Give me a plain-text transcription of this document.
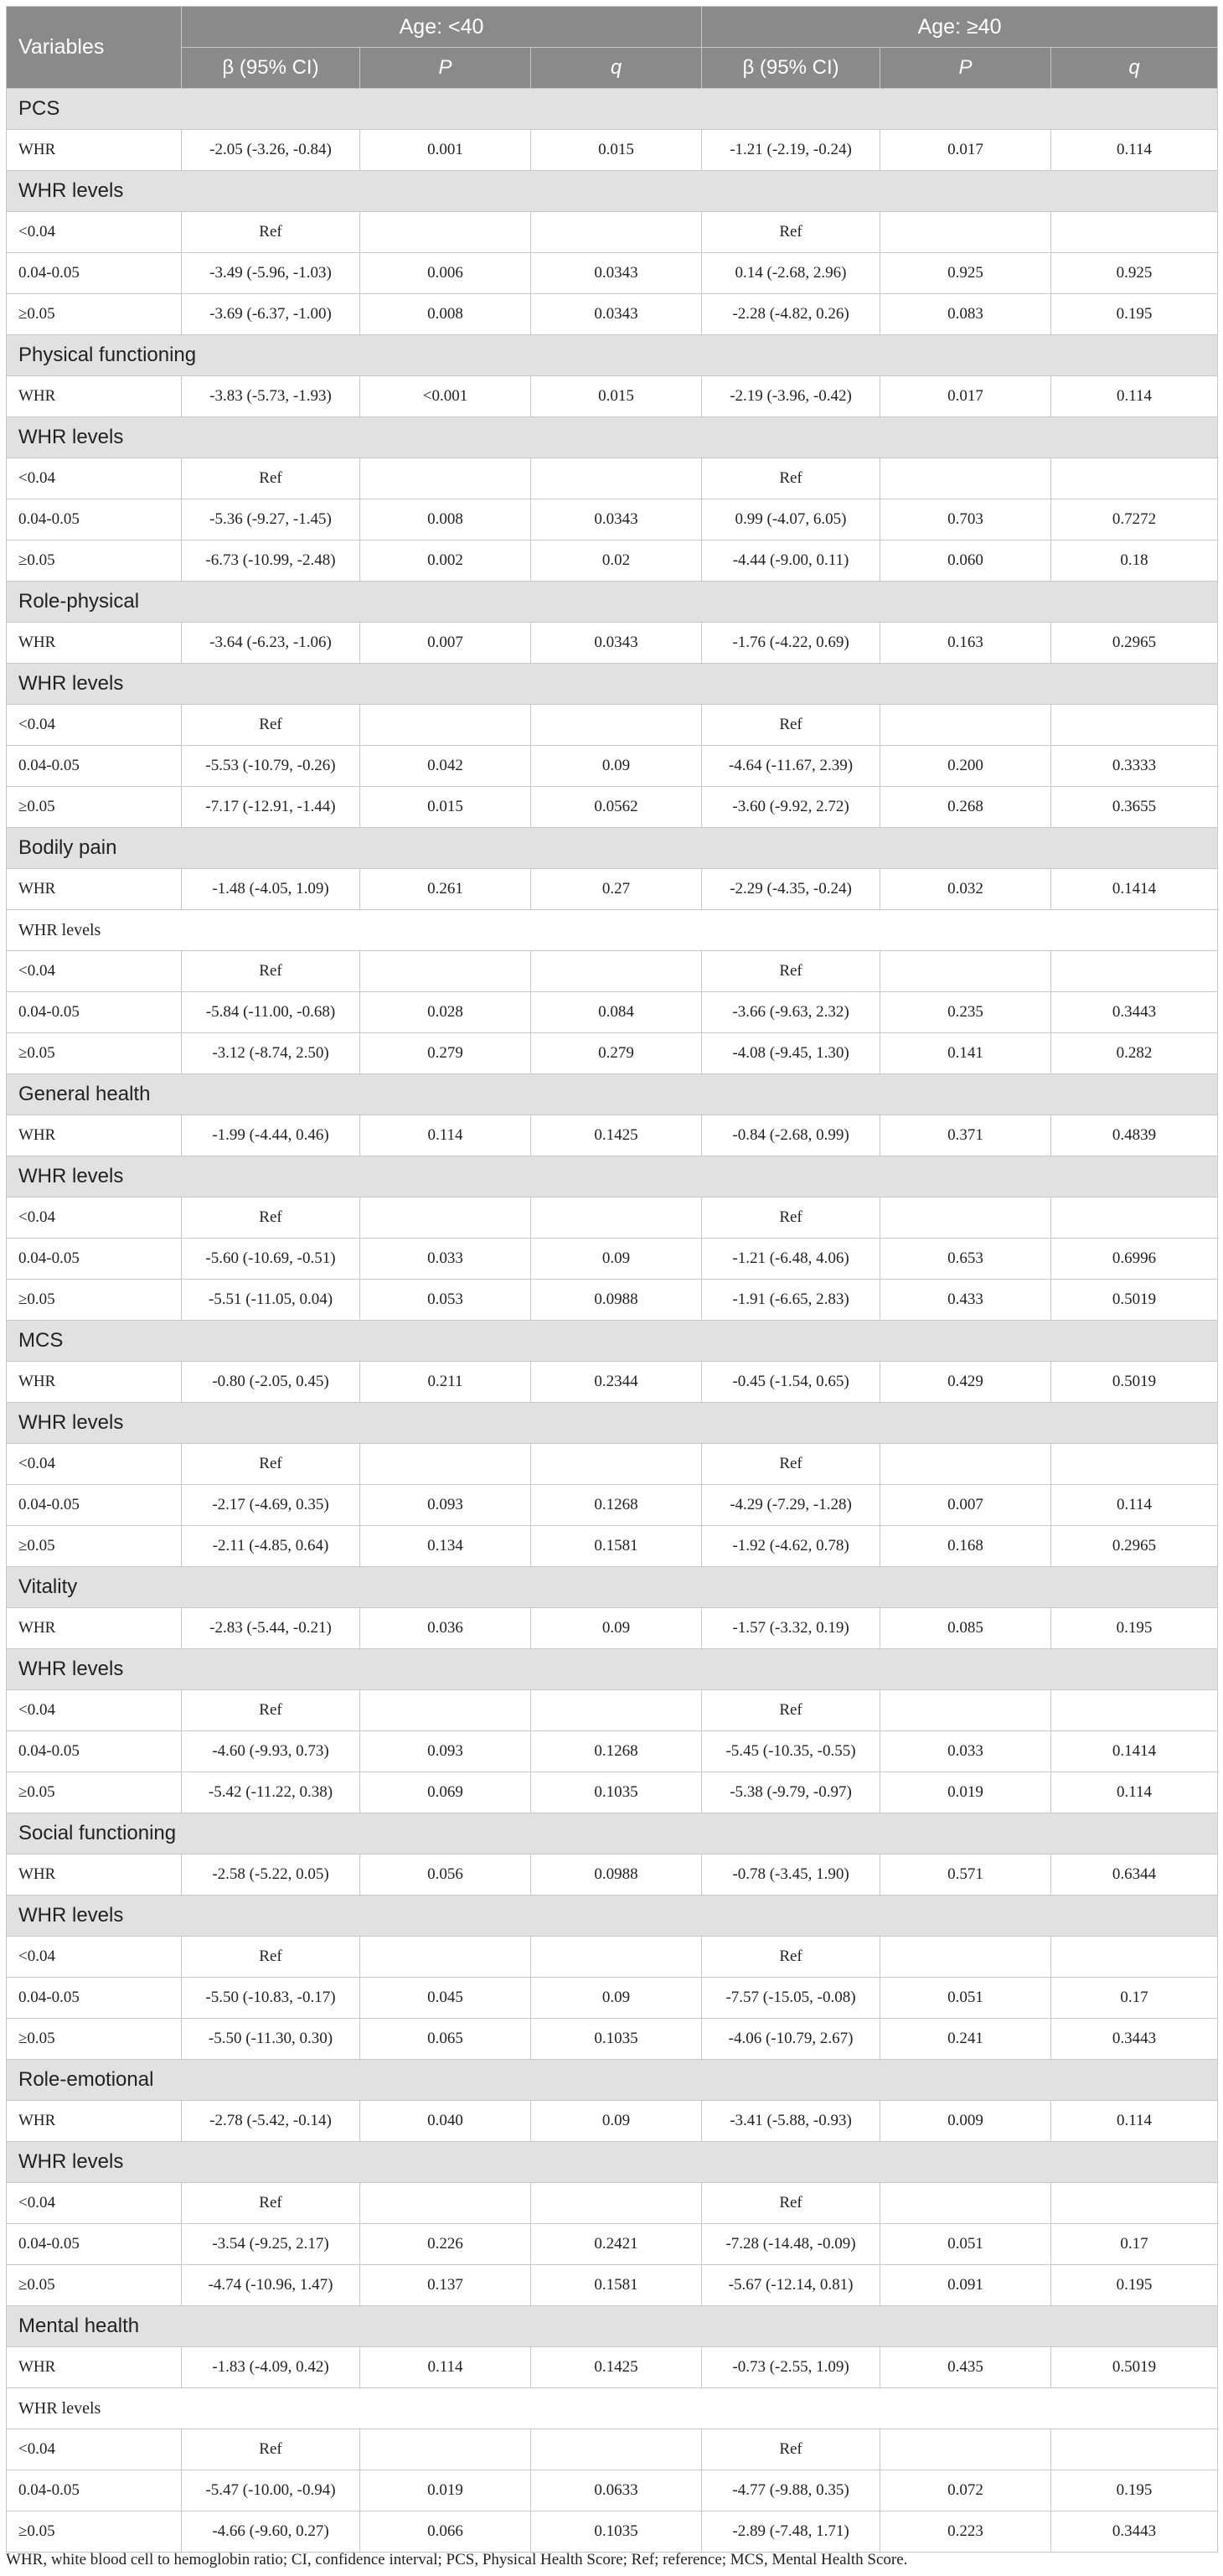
Variables	Age: <40			Age: ≥40		
	β (95% CI)	P	q	β (95% CI)	P	q
PCS						
WHR	-2.05 (-3.26, -0.84)	0.001	0.015	-1.21 (-2.19, -0.24)	0.017	0.114
WHR levels						
<0.04	Ref			Ref		
0.04-0.05	-3.49 (-5.96, -1.03)	0.006	0.0343	0.14 (-2.68, 2.96)	0.925	0.925
≥0.05	-3.69 (-6.37, -1.00)	0.008	0.0343	-2.28 (-4.82, 0.26)	0.083	0.195
Physical functioning						
WHR	-3.83 (-5.73, -1.93)	<0.001	0.015	-2.19 (-3.96, -0.42)	0.017	0.114
WHR levels						
<0.04	Ref			Ref		
0.04-0.05	-5.36 (-9.27, -1.45)	0.008	0.0343	0.99 (-4.07, 6.05)	0.703	0.7272
≥0.05	-6.73 (-10.99, -2.48)	0.002	0.02	-4.44 (-9.00, 0.11)	0.060	0.18
Role-physical						
WHR	-3.64 (-6.23, -1.06)	0.007	0.0343	-1.76 (-4.22, 0.69)	0.163	0.2965
WHR levels						
<0.04	Ref			Ref		
0.04-0.05	-5.53 (-10.79, -0.26)	0.042	0.09	-4.64 (-11.67, 2.39)	0.200	0.3333
≥0.05	-7.17 (-12.91, -1.44)	0.015	0.0562	-3.60 (-9.92, 2.72)	0.268	0.3655
Bodily pain						
WHR	-1.48 (-4.05, 1.09)	0.261	0.27	-2.29 (-4.35, -0.24)	0.032	0.1414
WHR levels						
<0.04	Ref			Ref		
0.04-0.05	-5.84 (-11.00, -0.68)	0.028	0.084	-3.66 (-9.63, 2.32)	0.235	0.3443
≥0.05	-3.12 (-8.74, 2.50)	0.279	0.279	-4.08 (-9.45, 1.30)	0.141	0.282
General health						
WHR	-1.99 (-4.44, 0.46)	0.114	0.1425	-0.84 (-2.68, 0.99)	0.371	0.4839
WHR levels						
<0.04	Ref			Ref		
0.04-0.05	-5.60 (-10.69, -0.51)	0.033	0.09	-1.21 (-6.48, 4.06)	0.653	0.6996
≥0.05	-5.51 (-11.05, 0.04)	0.053	0.0988	-1.91 (-6.65, 2.83)	0.433	0.5019
MCS						
WHR	-0.80 (-2.05, 0.45)	0.211	0.2344	-0.45 (-1.54, 0.65)	0.429	0.5019
WHR levels						
<0.04	Ref			Ref		
0.04-0.05	-2.17 (-4.69, 0.35)	0.093	0.1268	-4.29 (-7.29, -1.28)	0.007	0.114
≥0.05	-2.11 (-4.85, 0.64)	0.134	0.1581	-1.92 (-4.62, 0.78)	0.168	0.2965
Vitality						
WHR	-2.83 (-5.44, -0.21)	0.036	0.09	-1.57 (-3.32, 0.19)	0.085	0.195
WHR levels						
<0.04	Ref			Ref		
0.04-0.05	-4.60 (-9.93, 0.73)	0.093	0.1268	-5.45 (-10.35, -0.55)	0.033	0.1414
≥0.05	-5.42 (-11.22, 0.38)	0.069	0.1035	-5.38 (-9.79, -0.97)	0.019	0.114
Social functioning						
WHR	-2.58 (-5.22, 0.05)	0.056	0.0988	-0.78 (-3.45, 1.90)	0.571	0.6344
WHR levels						
<0.04	Ref			Ref		
0.04-0.05	-5.50 (-10.83, -0.17)	0.045	0.09	-7.57 (-15.05, -0.08)	0.051	0.17
≥0.05	-5.50 (-11.30, 0.30)	0.065	0.1035	-4.06 (-10.79, 2.67)	0.241	0.3443
Role-emotional						
WHR	-2.78 (-5.42, -0.14)	0.040	0.09	-3.41 (-5.88, -0.93)	0.009	0.114
WHR levels						
<0.04	Ref			Ref		
0.04-0.05	-3.54 (-9.25, 2.17)	0.226	0.2421	-7.28 (-14.48, -0.09)	0.051	0.17
≥0.05	-4.74 (-10.96, 1.47)	0.137	0.1581	-5.67 (-12.14, 0.81)	0.091	0.195
Mental health						
WHR	-1.83 (-4.09, 0.42)	0.114	0.1425	-0.73 (-2.55, 1.09)	0.435	0.5019
WHR levels						
<0.04	Ref			Ref		
0.04-0.05	-5.47 (-10.00, -0.94)	0.019	0.0633	-4.77 (-9.88, 0.35)	0.072	0.195
≥0.05	-4.66 (-9.60, 0.27)	0.066	0.1035	-2.89 (-7.48, 1.71)	0.223	0.3443
WHR, white blood cell to hemoglobin ratio; CI, confidence interval; PCS, Physical Health Score; Ref; reference; MCS, Mental Health Score.
